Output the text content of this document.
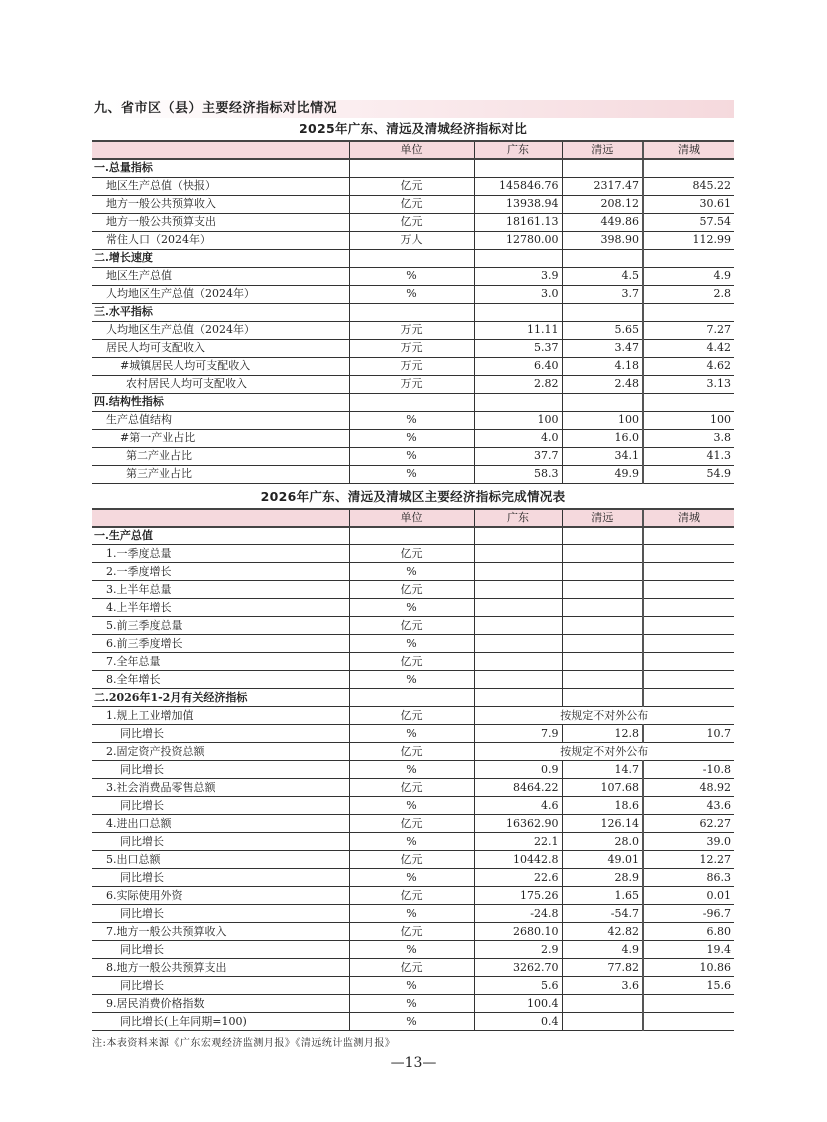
九、省市区（县）主要经济指标对比情况
2025年广东、清远及清城经济指标对比
	单位	广东	清远	清城
一.总量指标				
地区生产总值（快报）	亿元	145846.76	2317.47	845.22
地方一般公共预算收入	亿元	13938.94	208.12	30.61
地方一般公共预算支出	亿元	18161.13	449.86	57.54
常住人口（2024年）	万人	12780.00	398.90	112.99
二.增长速度				
地区生产总值	%	3.9	4.5	4.9
人均地区生产总值（2024年）	%	3.0	3.7	2.8
三.水平指标				
人均地区生产总值（2024年）	万元	11.11	5.65	7.27
居民人均可支配收入	万元	5.37	3.47	4.42
#城镇居民人均可支配收入	万元	6.40	4.18	4.62
农村居民人均可支配收入	万元	2.82	2.48	3.13
四.结构性指标				
生产总值结构	%	100	100	100
#第一产业占比	%	4.0	16.0	3.8
第二产业占比	%	37.7	34.1	41.3
第三产业占比	%	58.3	49.9	54.9
2026年广东、清远及清城区主要经济指标完成情况表
	单位	广东	清远	清城
一.生产总值				
1.一季度总量	亿元			
2.一季度增长	%			
3.上半年总量	亿元			
4.上半年增长	%			
5.前三季度总量	亿元			
6.前三季度增长	%			
7.全年总量	亿元			
8.全年增长	%			
二.2026年1-2月有关经济指标				
1.规上工业增加值	亿元	按规定不对外公布		
同比增长	%	7.9	12.8	10.7
2.固定资产投资总额	亿元	按规定不对外公布		
同比增长	%	0.9	14.7	-10.8
3.社会消费品零售总额	亿元	8464.22	107.68	48.92
同比增长	%	4.6	18.6	43.6
4.进出口总额	亿元	16362.90	126.14	62.27
同比增长	%	22.1	28.0	39.0
5.出口总额	亿元	10442.8	49.01	12.27
同比增长	%	22.6	28.9	86.3
6.实际使用外资	亿元	175.26	1.65	0.01
同比增长	%	-24.8	-54.7	-96.7
7.地方一般公共预算收入	亿元	2680.10	42.82	6.80
同比增长	%	2.9	4.9	19.4
8.地方一般公共预算支出	亿元	3262.70	77.82	10.86
同比增长	%	5.6	3.6	15.6
9.居民消费价格指数	%	100.4		
同比增长(上年同期=100)	%	0.4		
注:本表资料来源《广东宏观经济监测月报》《清远统计监测月报》
—13—
